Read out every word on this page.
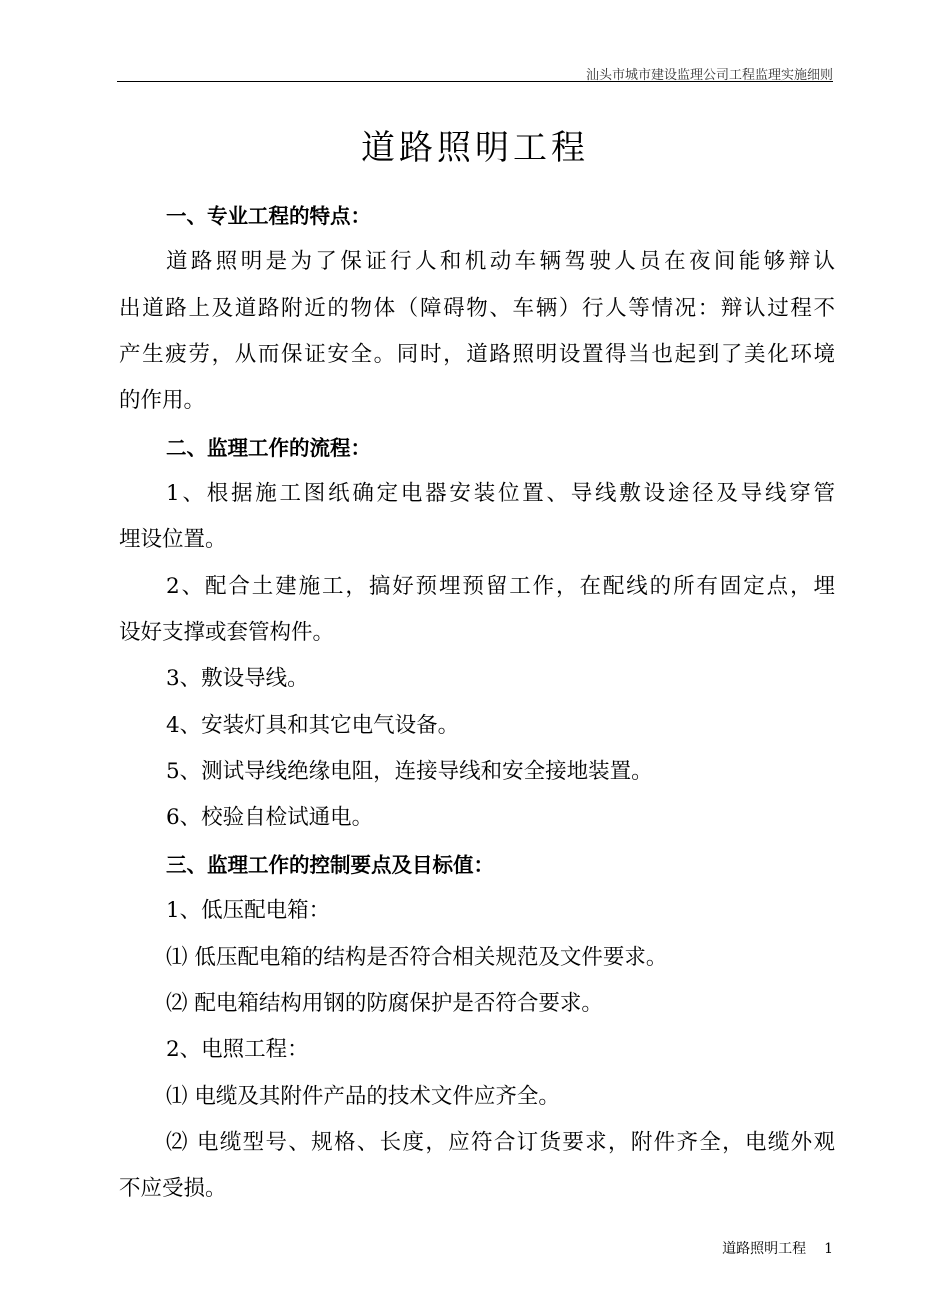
汕头市城市建设监理公司工程监理实施细则
道路照明工程
一、专业工程的特点：
道路照明是为了保证行人和机动车辆驾驶人员在夜间能够辩认
出道路上及道路附近的物体（障碍物、车辆）行人等情况：辩认过程不
产生疲劳，从而保证安全。同时，道路照明设置得当也起到了美化环境
的作用。
二、监理工作的流程：
1、根据施工图纸确定电器安装位置、导线敷设途径及导线穿管
埋设位置。
2、配合土建施工，搞好预埋预留工作，在配线的所有固定点，埋
设好支撑或套管构件。
3、敷设导线。
4、安装灯具和其它电气设备。
5、测试导线绝缘电阻，连接导线和安全接地装置。
6、校验自检试通电。
三、监理工作的控制要点及目标值：
1、低压配电箱：
⑴ 低压配电箱的结构是否符合相关规范及文件要求。
⑵ 配电箱结构用钢的防腐保护是否符合要求。
2、电照工程：
⑴ 电缆及其附件产品的技术文件应齐全。
⑵ 电缆型号、规格、长度，应符合订货要求，附件齐全，电缆外观
不应受损。
道路照明工程 1
